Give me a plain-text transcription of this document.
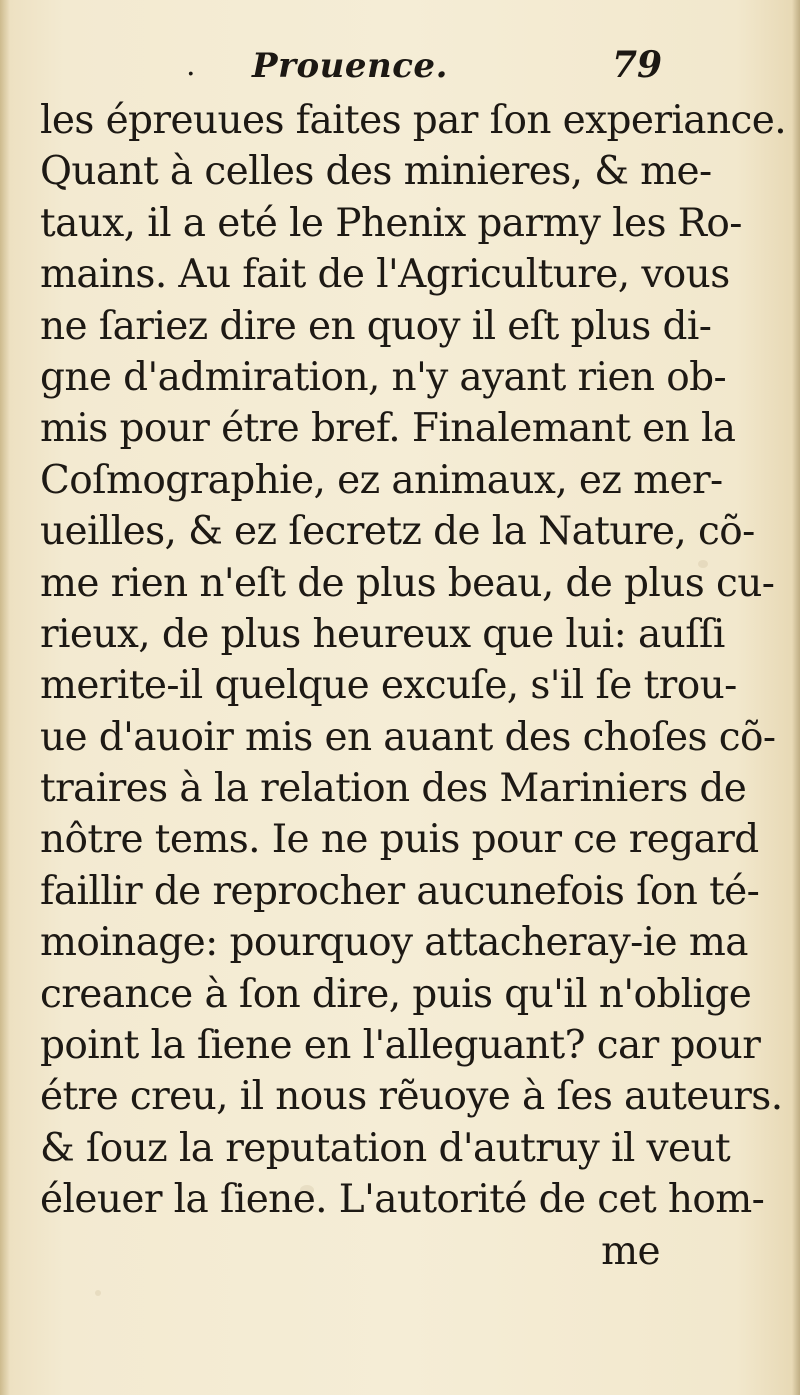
. Prouence.	79
les épreuues faites par ſon experiance.
Quant à celles des minieres, & me-
taux, il a eté le Phenix parmy les Ro-
mains. Au fait de l'Agriculture, vous
ne ſariez dire en quoy il eſt plus di-
gne d'admiration, n'y ayant rien ob-
mis pour étre bref. Finalemant en la
Coſmographie, ez animaux, ez mer-
ueilles, & ez ſecretz de la Nature, cõ-
me rien n'eſt de plus beau, de plus cu-
rieux, de plus heureux que lui: auſſi
merite-il quelque excuſe, s'il ſe trou-
ue d'auoir mis en auant des choſes cõ-
traires à la relation des Mariniers de
nôtre tems. Ie ne puis pour ce regard
faillir de reprocher aucunefois ſon té-
moinage: pourquoy attacheray-ie ma
creance à ſon dire, puis qu'il n'oblige
point la ſiene en l'alleguant? car pour
étre creu, il nous rẽuoye à ſes auteurs.
& ſouz la reputation d'autruy il veut
éleuer la ſiene. L'autorité de cet hom-
me
